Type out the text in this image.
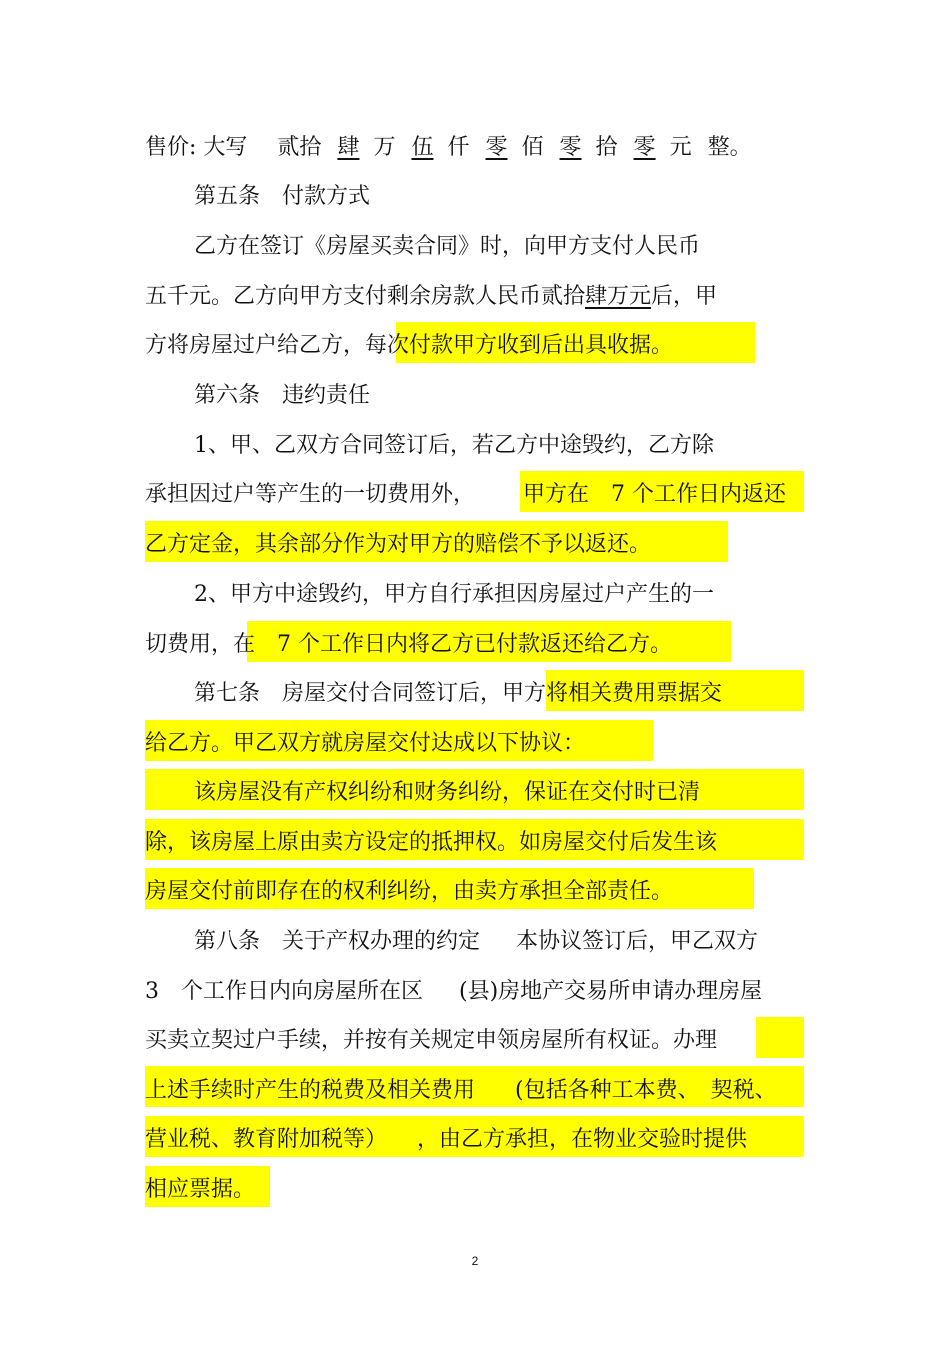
售价: 大写 贰拾 肆 万 伍 仟 零 佰 零 拾 零 元 整。
第五条　付款方式
乙方在签订《房屋买卖合同》时，向甲方支付人民币
五千元。乙方向甲方支付剩余房款人民币贰拾肆万元后，甲
方将房屋过户给乙方，每次付款甲方收到后出具收据。
第六条　违约责任
1、甲、乙双方合同签订后，若乙方中途毁约，乙方除
承担因过户等产生的一切费用外， 甲方在　7 个工作日内返还
乙方定金，其余部分作为对甲方的赔偿不予以返还。
2、甲方中途毁约，甲方自行承担因房屋过户产生的一
切费用，在　7 个工作日内将乙方已付款返还给乙方。
第七条　房屋交付合同签订后，甲方将相关费用票据交
给乙方。甲乙双方就房屋交付达成以下协议：
该房屋没有产权纠纷和财务纠纷，保证在交付时已清
除，该房屋上原由卖方设定的抵押权。如房屋交付后发生该
房屋交付前即存在的权利纠纷，由卖方承担全部责任。
第八条　关于产权办理的约定 本协议签订后，甲乙双方
3　个工作日内向房屋所在区 (县)房地产交易所申请办理房屋
买卖立契过户手续，并按有关规定申领房屋所有权证。办理
上述手续时产生的税费及相关费用 (包括各种工本费、　契税、
营业税、教育附加税等） ，由乙方承担，在物业交验时提供
相应票据。
2
